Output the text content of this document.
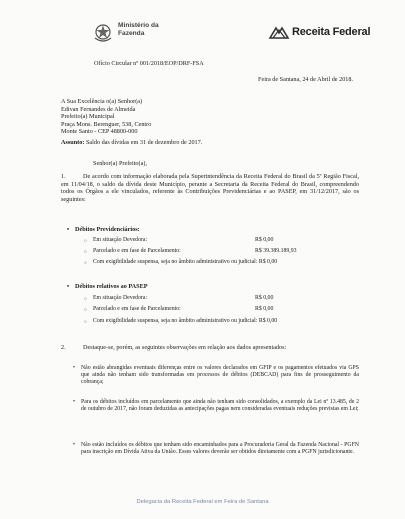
Ministério da
Fazenda	Receita Federal
Ofício Circular nº 001/2018/EOP/DRF-FSA
Feira de Santana, 24 de Abril de 2018.
A Sua Excelência o(a) Senhor(a)
Edivan Fernandes de Almeida
Prefeito(a) Municipal
Praça Mons. Berenguer, 538, Centro
Monte Santo - CEP 48800-000
Assunto: Saldo das dívidas em 31 de dezembro de 2017.
Senhor(a) Prefeito(a),
1.	De acordo com informação elaborada pela Superintendência da Receita Federal do Brasil da 5ª Região Fiscal, em 11/04/18, o saldo da dívida deste Município, perante a Secretaria da Receita Federal do Brasil, compreendendo todos os Órgãos a ele vinculados, referente às Contribuições Previdenciárias e ao PASEP, em 31/12/2017, são os seguintes:
• Débitos Previdenciários:
○ Em situação Devedora:	R$ 0,00
○ Parcelado e em fase de Parcelamento:	R$ 39.389.189,93
○ Com exigibilidade suspensa, seja no âmbito administrativo ou judicial: R$ 0,00
• Débitos relativos ao PASEP
○ Em situação Devedora:	R$ 0,00
○ Parcelado e em fase de Parcelamento:	R$ 0,00
○ Com exigibilidade suspensa, seja no âmbito administrativo ou judicial: R$ 0,00
2.	Destaque-se, porém, as seguintes observações em relação aos dados apresentados:
• Não estão abrangidas eventuais diferenças entre os valores declarados em GFIP e os pagamentos efetuados via GPS que ainda não tenham sido transformadas em processos de débitos (DEBCAD) para fins de prosseguimento da cobrança;
• Para os débitos incluídos em parcelamento que ainda não tenham sido consolidados, a exemplo da Lei nº 13.485, de 2 de outubro de 2017, não foram deduzidas as antecipações pagas nem consideradas eventuais reduções previstas em Lei;
• Não estão incluídos os débitos que tenham sido encaminhados para a Procuradoria Geral da Fazenda Nacional - PGFN para inscrição em Dívida Ativa da União. Esses valores deverão ser obtidos diretamente com a PGFN jurisdicionante.
Delegacia da Receita Federal em Feira de Santana
